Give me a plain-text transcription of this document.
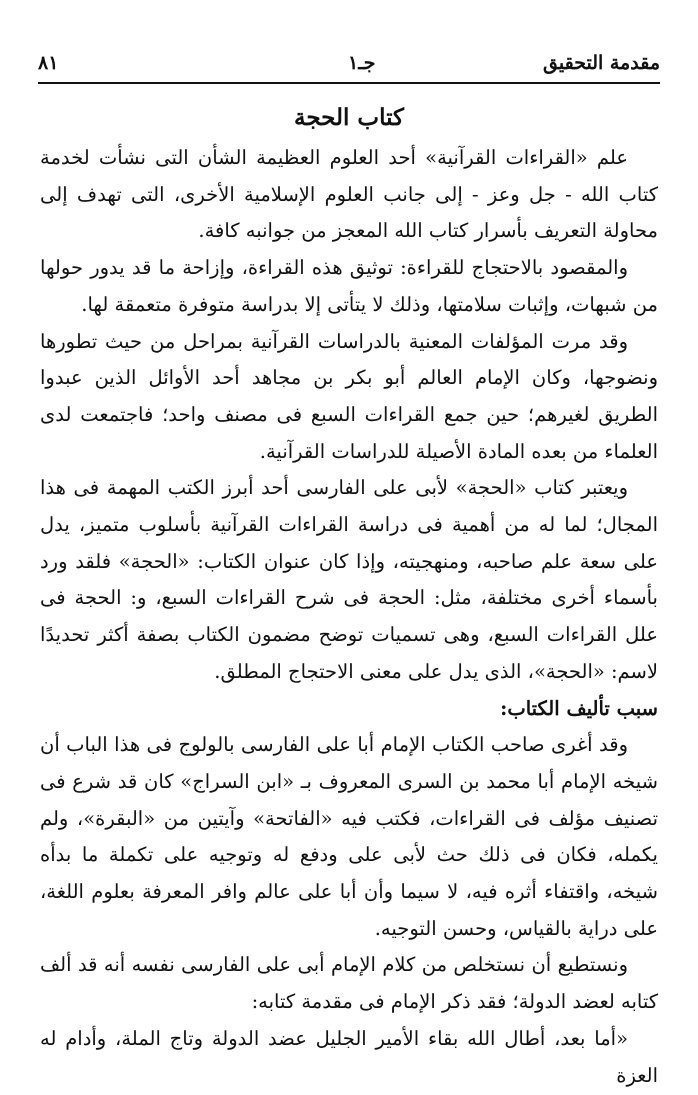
مقدمة التحقيق
جـ١
٨١
كتاب الحجة

علم «القراءات القرآنية» أحد العلوم العظيمة الشأن التى نشأت لخدمة كتاب الله - جل وعز - إلى جانب العلوم الإسلامية الأخرى، التى تهدف إلى محاولة التعريف بأسرار كتاب الله المعجز من جوانبه كافة.

والمقصود بالاحتجاج للقراءة: توثيق هذه القراءة، وإزاحة ما قد يدور حولها من شبهات، وإثبات سلامتها، وذلك لا يتأتى إلا بدراسة متوفرة متعمقة لها.

وقد مرت المؤلفات المعنية بالدراسات القرآنية بمراحل من حيث تطورها ونضوجها، وكان الإمام العالم أبو بكر بن مجاهد أحد الأوائل الذين عبدوا الطريق لغيرهم؛ حين جمع القراءات السبع فى مصنف واحد؛ فاجتمعت لدى العلماء من بعده المادة الأصيلة للدراسات القرآنية.

ويعتبر كتاب «الحجة» لأبى على الفارسى أحد أبرز الكتب المهمة فى هذا المجال؛ لما له من أهمية فى دراسة القراءات القرآنية بأسلوب متميز، يدل على سعة علم صاحبه، ومنهجيته، وإذا كان عنوان الكتاب: «الحجة» فلقد ورد بأسماء أخرى مختلفة، مثل: الحجة فى شرح القراءات السبع، و: الحجة فى علل القراءات السبع، وهى تسميات توضح مضمون الكتاب بصفة أكثر تحديدًا لاسم: «الحجة»، الذى يدل على معنى الاحتجاج المطلق.

سبب تأليف الكتاب:

وقد أغرى صاحب الكتاب الإمام أبا على الفارسى بالولوج فى هذا الباب أن شيخه الإمام أبا محمد بن السرى المعروف بـ «ابن السراج» كان قد شرع فى تصنيف مؤلف فى القراءات، فكتب فيه «الفاتحة» وآيتين من «البقرة»، ولم يكمله، فكان فى ذلك حث لأبى على ودفع له وتوجيه على تكملة ما بدأه شيخه، واقتفاء أثره فيه، لا سيما وأن أبا على عالم وافر المعرفة بعلوم اللغة، على دراية بالقياس، وحسن التوجيه.

ونستطيع أن نستخلص من كلام الإمام أبى على الفارسى نفسه أنه قد ألف كتابه لعضد الدولة؛ فقد ذكر الإمام فى مقدمة كتابه:

«أما بعد، أطال الله بقاء الأمير الجليل عضد الدولة وتاج الملة، وأدام له العزة
